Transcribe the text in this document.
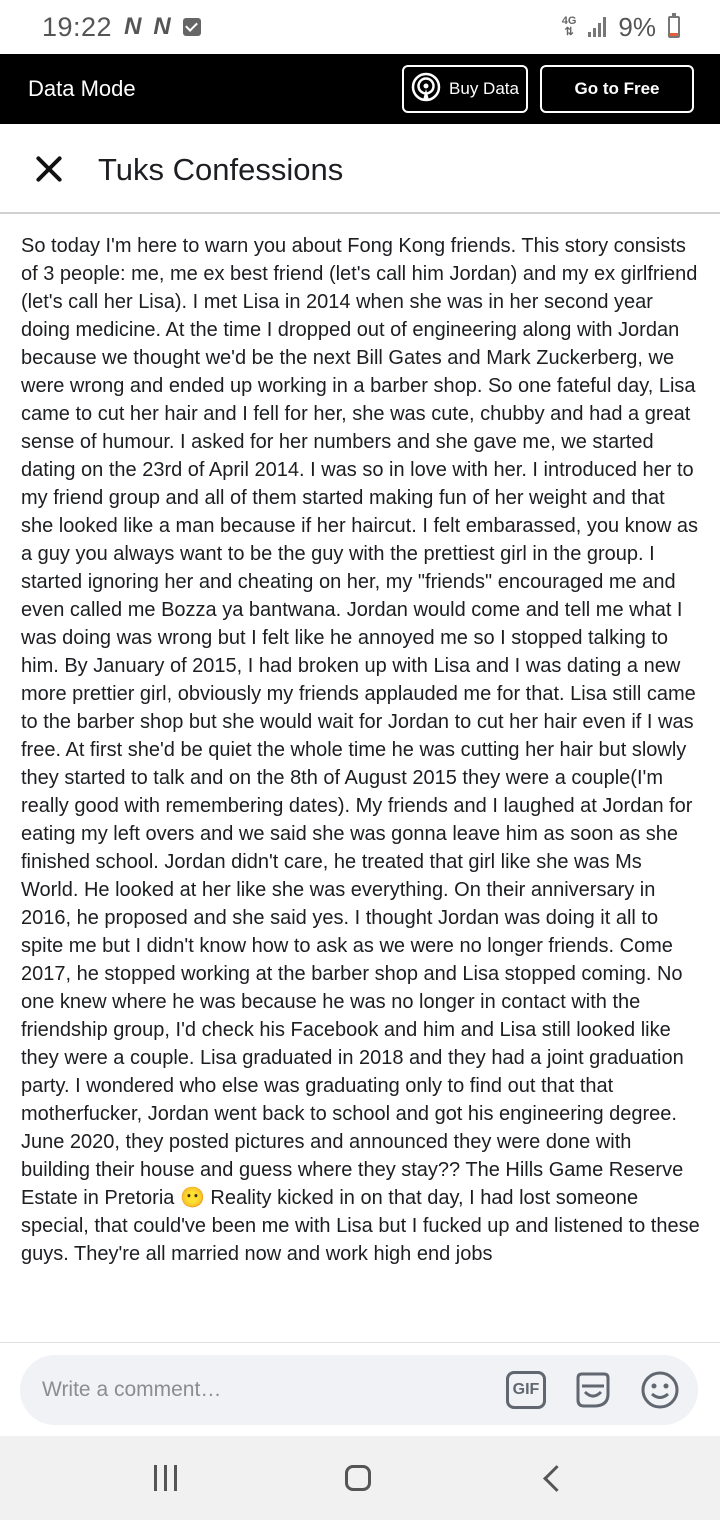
19:22 N N	4G
⇅ 9%
Data Mode	Buy Data	Go to Free
Tuks Confessions

So today I'm here to warn you about Fong Kong friends. This story consists of 3 people: me, me ex best friend (let's call him Jordan) and my ex girlfriend (let's call her Lisa). I met Lisa in 2014 when she was in her second year doing medicine. At the time I dropped out of engineering along with Jordan because we thought we'd be the next Bill Gates and Mark Zuckerberg, we were wrong and ended up working in a barber shop. So one fateful day, Lisa came to cut her hair and I fell for her, she was cute, chubby and had a great sense of humour. I asked for her numbers and she gave me, we started dating on the 23rd of April 2014. I was so in love with her. I introduced her to my friend group and all of them started making fun of her weight and that she looked like a man because if her haircut. I felt embarassed, you know as a guy you always want to be the guy with the prettiest girl in the group. I started ignoring her and cheating on her, my "friends" encouraged me and even called me Bozza ya bantwana. Jordan would come and tell me what I was doing was wrong but I felt like he annoyed me so I stopped talking to him. By January of 2015, I had broken up with Lisa and I was dating a new more prettier girl, obviously my friends applauded me for that. Lisa still came to the barber shop but she would wait for Jordan to cut her hair even if I was free. At first she'd be quiet the whole time he was cutting her hair but slowly they started to talk and on the 8th of August 2015 they were a couple(I'm really good with remembering dates). My friends and I laughed at Jordan for eating my left overs and we said she was gonna leave him as soon as she finished school. Jordan didn't care, he treated that girl like she was Ms World. He looked at her like she was everything. On their anniversary in 2016, he proposed and she said yes. I thought Jordan was doing it all to spite me but I didn't know how to ask as we were no longer friends. Come 2017, he stopped working at the barber shop and Lisa stopped coming. No one knew where he was because he was no longer in contact with the friendship group, I'd check his Facebook and him and Lisa still looked like they were a couple. Lisa graduated in 2018 and they had a joint graduation party. I wondered who else was graduating only to find out that that motherfucker, Jordan went back to school and got his engineering degree. June 2020, they posted pictures and announced they were done with building their house and guess where they stay?? The Hills Game Reserve Estate in Pretoria 😶 Reality kicked in on that day, I had lost someone special, that could've been me with Lisa but I fucked up and listened to these guys. They're all married now and work high end jobs

Write a comment…	GIF
